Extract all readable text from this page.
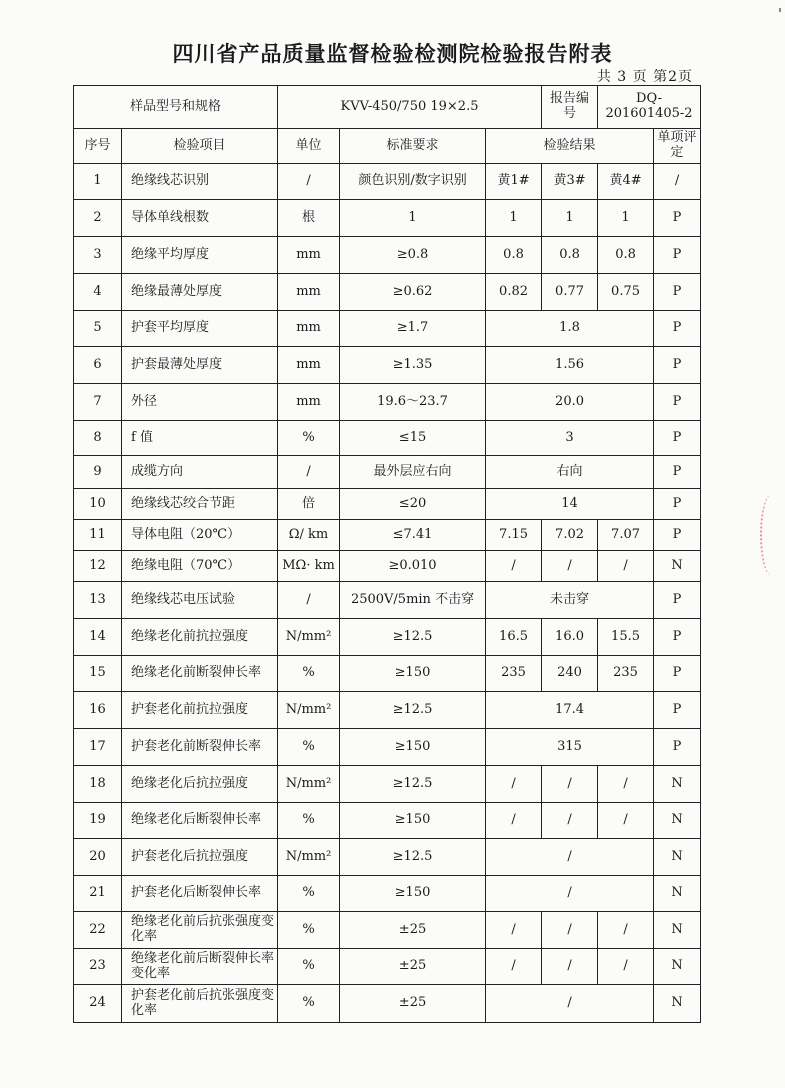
四川省产品质量监督检验检测院检验报告附表
共 3 页 第2页
样品型号和规格		KVV-450/750 19×2.5			报告编号	DQ-201601405-2	
序号	检验项目	单位	标准要求	检验结果			单项评定
1	绝缘线芯识别	/	颜色识别/数字识别	黄1#	黄3#	黄4#	/
2	导体单线根数	根	1	1	1	1	P
3	绝缘平均厚度	mm	≥0.8	0.8	0.8	0.8	P
4	绝缘最薄处厚度	mm	≥0.62	0.82	0.77	0.75	P
5	护套平均厚度	mm	≥1.7	1.8			P
6	护套最薄处厚度	mm	≥1.35	1.56			P
7	外径	mm	19.6～23.7	20.0			P
8	f 值	%	≤15	3			P
9	成缆方向	/	最外层应右向	右向			P
10	绝缘线芯绞合节距	倍	≤20	14			P
11	导体电阻（20℃）	Ω/ km	≤7.41	7.15	7.02	7.07	P
12	绝缘电阻（70℃）	MΩ· km	≥0.010	/	/	/	N
13	绝缘线芯电压试验	/	2500V/5min 不击穿	未击穿			P
14	绝缘老化前抗拉强度	N/mm²	≥12.5	16.5	16.0	15.5	P
15	绝缘老化前断裂伸长率	%	≥150	235	240	235	P
16	护套老化前抗拉强度	N/mm²	≥12.5	17.4			P
17	护套老化前断裂伸长率	%	≥150	315			P
18	绝缘老化后抗拉强度	N/mm²	≥12.5	/	/	/	N
19	绝缘老化后断裂伸长率	%	≥150	/	/	/	N
20	护套老化后抗拉强度	N/mm²	≥12.5	/			N
21	护套老化后断裂伸长率	%	≥150	/			N
22	绝缘老化前后抗张强度变化率	%	±25	/	/	/	N
23	绝缘老化前后断裂伸长率变化率	%	±25	/	/	/	N
24	护套老化前后抗张强度变化率	%	±25	/			N
